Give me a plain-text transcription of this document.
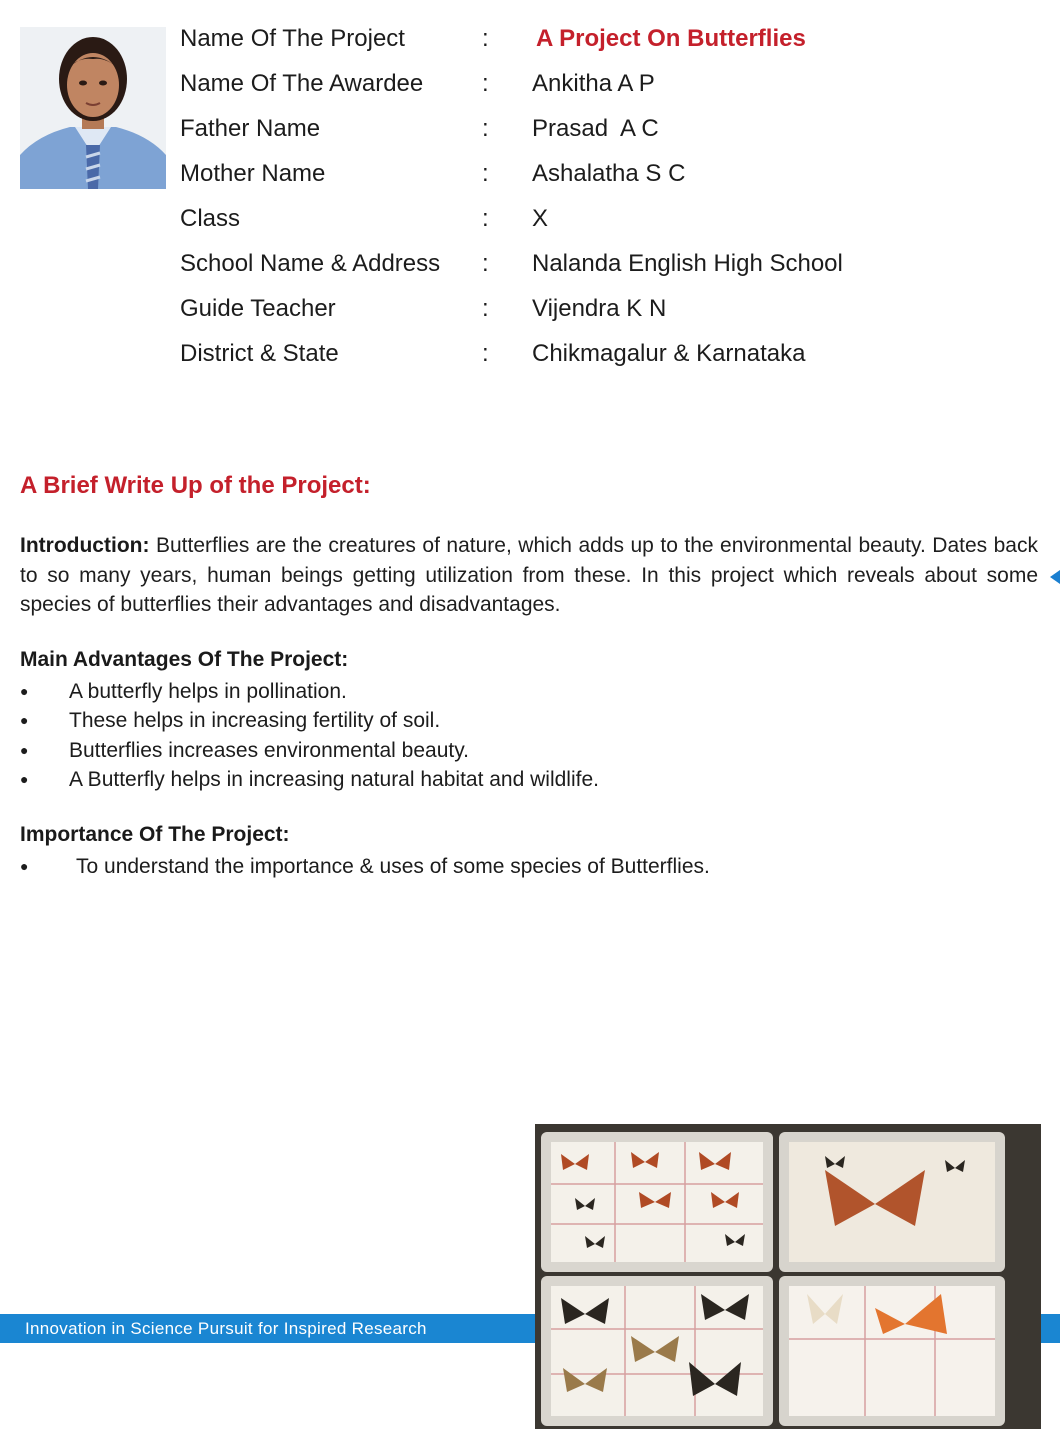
Name Of The Project	: A Project On Butterflies
Name Of The Awardee : Ankitha A P
Father Name	: Prasad  A C
Mother Name	: Ashalatha S C
Class	: X
School Name & Address : Nalanda English High School
Guide Teacher	: Vijendra K N
District & State	: Chikmagalur & Karnataka
A Brief Write Up of the Project:

Introduction: Butterflies are the creatures of nature, which adds up to the environmental beauty. Dates back to so many years, human beings getting utilization from these. In this project which reveals about some species of butterflies their advantages and disadvantages.

Main Advantages Of The Project:
● A butterfly helps in pollination.
● These helps in increasing fertility of soil.
● Butterflies increases environmental beauty.
● A Butterfly helps in increasing natural habitat and wildlife.
Importance Of The Project:
● To understand the importance & uses of some species of Butterflies.
Innovation in Science Pursuit for Inspired Research
